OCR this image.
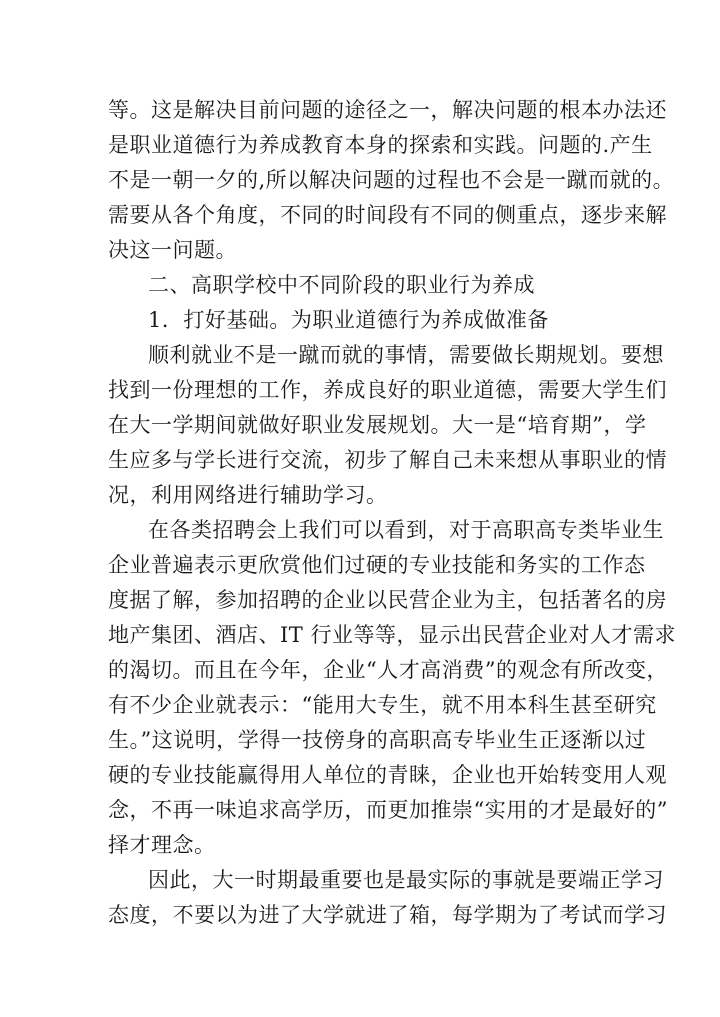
等。这是解决目前问题的途径之一，解决问题的根本办法还
是职业道德行为养成教育本身的探索和实践。问题的.产生
不是一朝一夕的,所以解决问题的过程也不会是一蹴而就的。
需要从各个角度，不同的时间段有不同的侧重点，逐步来解
决这一问题。
二、高职学校中不同阶段的职业行为养成
1．打好基础。为职业道德行为养成做准备
顺利就业不是一蹴而就的事情，需要做长期规划。要想
找到一份理想的工作，养成良好的职业道德，需要大学生们
在大一学期间就做好职业发展规划。大一是“培育期”，学
生应多与学长进行交流，初步了解自己未来想从事职业的情
况，利用网络进行辅助学习。
在各类招聘会上我们可以看到，对于高职高专类毕业生
企业普遍表示更欣赏他们过硬的专业技能和务实的工作态
度据了解，参加招聘的企业以民营企业为主，包括著名的房
地产集团、酒店、IT 行业等等，显示出民营企业对人才需求
的渴切。而且在今年，企业“人才高消费”的观念有所改变，
有不少企业就表示：“能用大专生，就不用本科生甚至研究
生。”这说明，学得一技傍身的高职高专毕业生正逐渐以过
硬的专业技能赢得用人单位的青睐，企业也开始转变用人观
念，不再一味追求高学历，而更加推崇“实用的才是最好的”
择才理念。
因此，大一时期最重要也是最实际的事就是要端正学习
态度，不要以为进了大学就进了箱，每学期为了考试而学习
